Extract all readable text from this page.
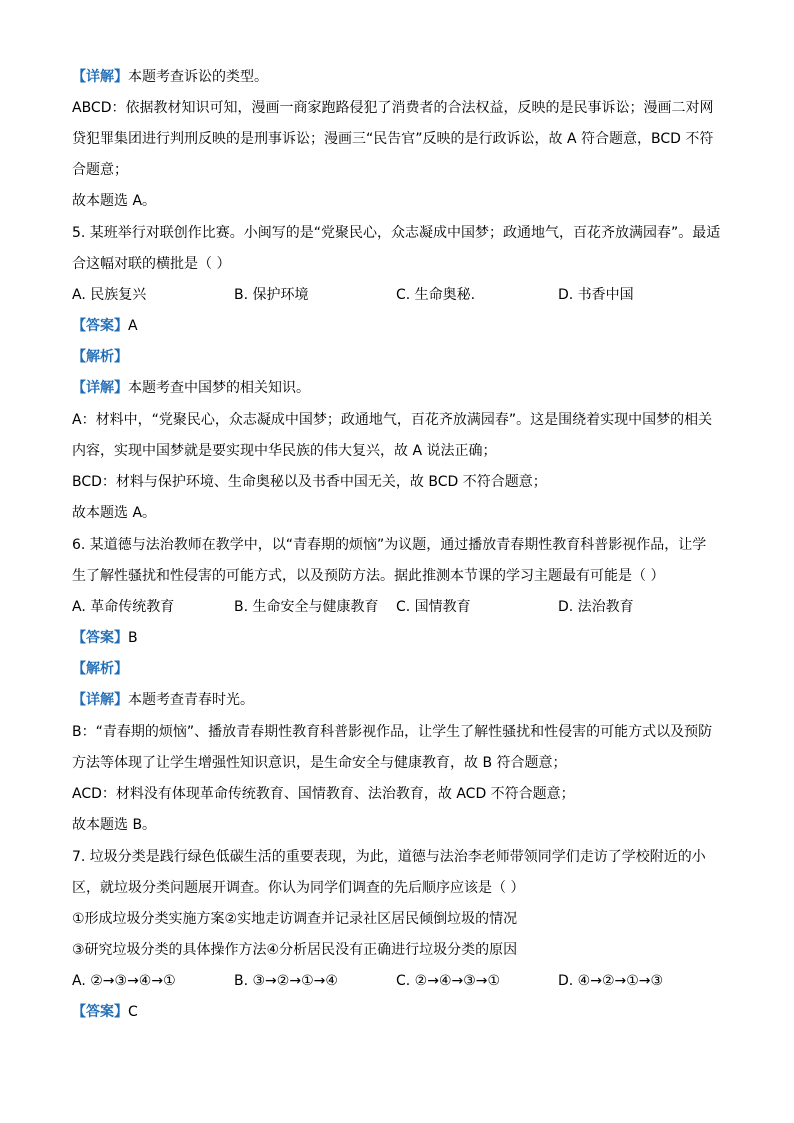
【详解】本题考查诉讼的类型。
ABCD：依据教材知识可知，漫画一商家跑路侵犯了消费者的合法权益，反映的是民事诉讼；漫画二对网
贷犯罪集团进行判刑反映的是刑事诉讼；漫画三“民告官”反映的是行政诉讼，故 A 符合题意，BCD 不符
合题意；
故本题选 A。
5. 某班举行对联创作比赛。小闽写的是“党聚民心，众志凝成中国梦；政通地气，百花齐放满园春”。最适
合这幅对联的横批是（ ）
A. 民族复兴	B. 保护环境	C. 生命奥秘.	D. 书香中国
【答案】A
【解析】
【详解】本题考查中国梦的相关知识。
A：材料中，“党聚民心，众志凝成中国梦；政通地气，百花齐放满园春”。这是围绕着实现中国梦的相关
内容，实现中国梦就是要实现中华民族的伟大复兴，故 A 说法正确；
BCD：材料与保护环境、生命奥秘以及书香中国无关，故 BCD 不符合题意；
故本题选 A。
6. 某道德与法治教师在教学中，以“青春期的烦恼”为议题，通过播放青春期性教育科普影视作品，让学
生了解性骚扰和性侵害的可能方式，以及预防方法。据此推测本节课的学习主题最有可能是（ ）
A. 革命传统教育	B. 生命安全与健康教育 C. 国情教育	D. 法治教育
【答案】B
【解析】
【详解】本题考查青春时光。
B：“青春期的烦恼”、播放青春期性教育科普影视作品，让学生了解性骚扰和性侵害的可能方式以及预防
方法等体现了让学生增强性知识意识，是生命安全与健康教育，故 B 符合题意；
ACD：材料没有体现革命传统教育、国情教育、法治教育，故 ACD 不符合题意；
故本题选 B。
7. 垃圾分类是践行绿色低碳生活的重要表现，为此，道德与法治李老师带领同学们走访了学校附近的小
区，就垃圾分类问题展开调查。你认为同学们调查的先后顺序应该是（ ）
①形成垃圾分类实施方案②实地走访调查并记录社区居民倾倒垃圾的情况
③研究垃圾分类的具体操作方法④分析居民没有正确进行垃圾分类的原因
A. ②→③→④→①	B. ③→②→①→④	C. ②→④→③→①	D. ④→②→①→③
【答案】C
